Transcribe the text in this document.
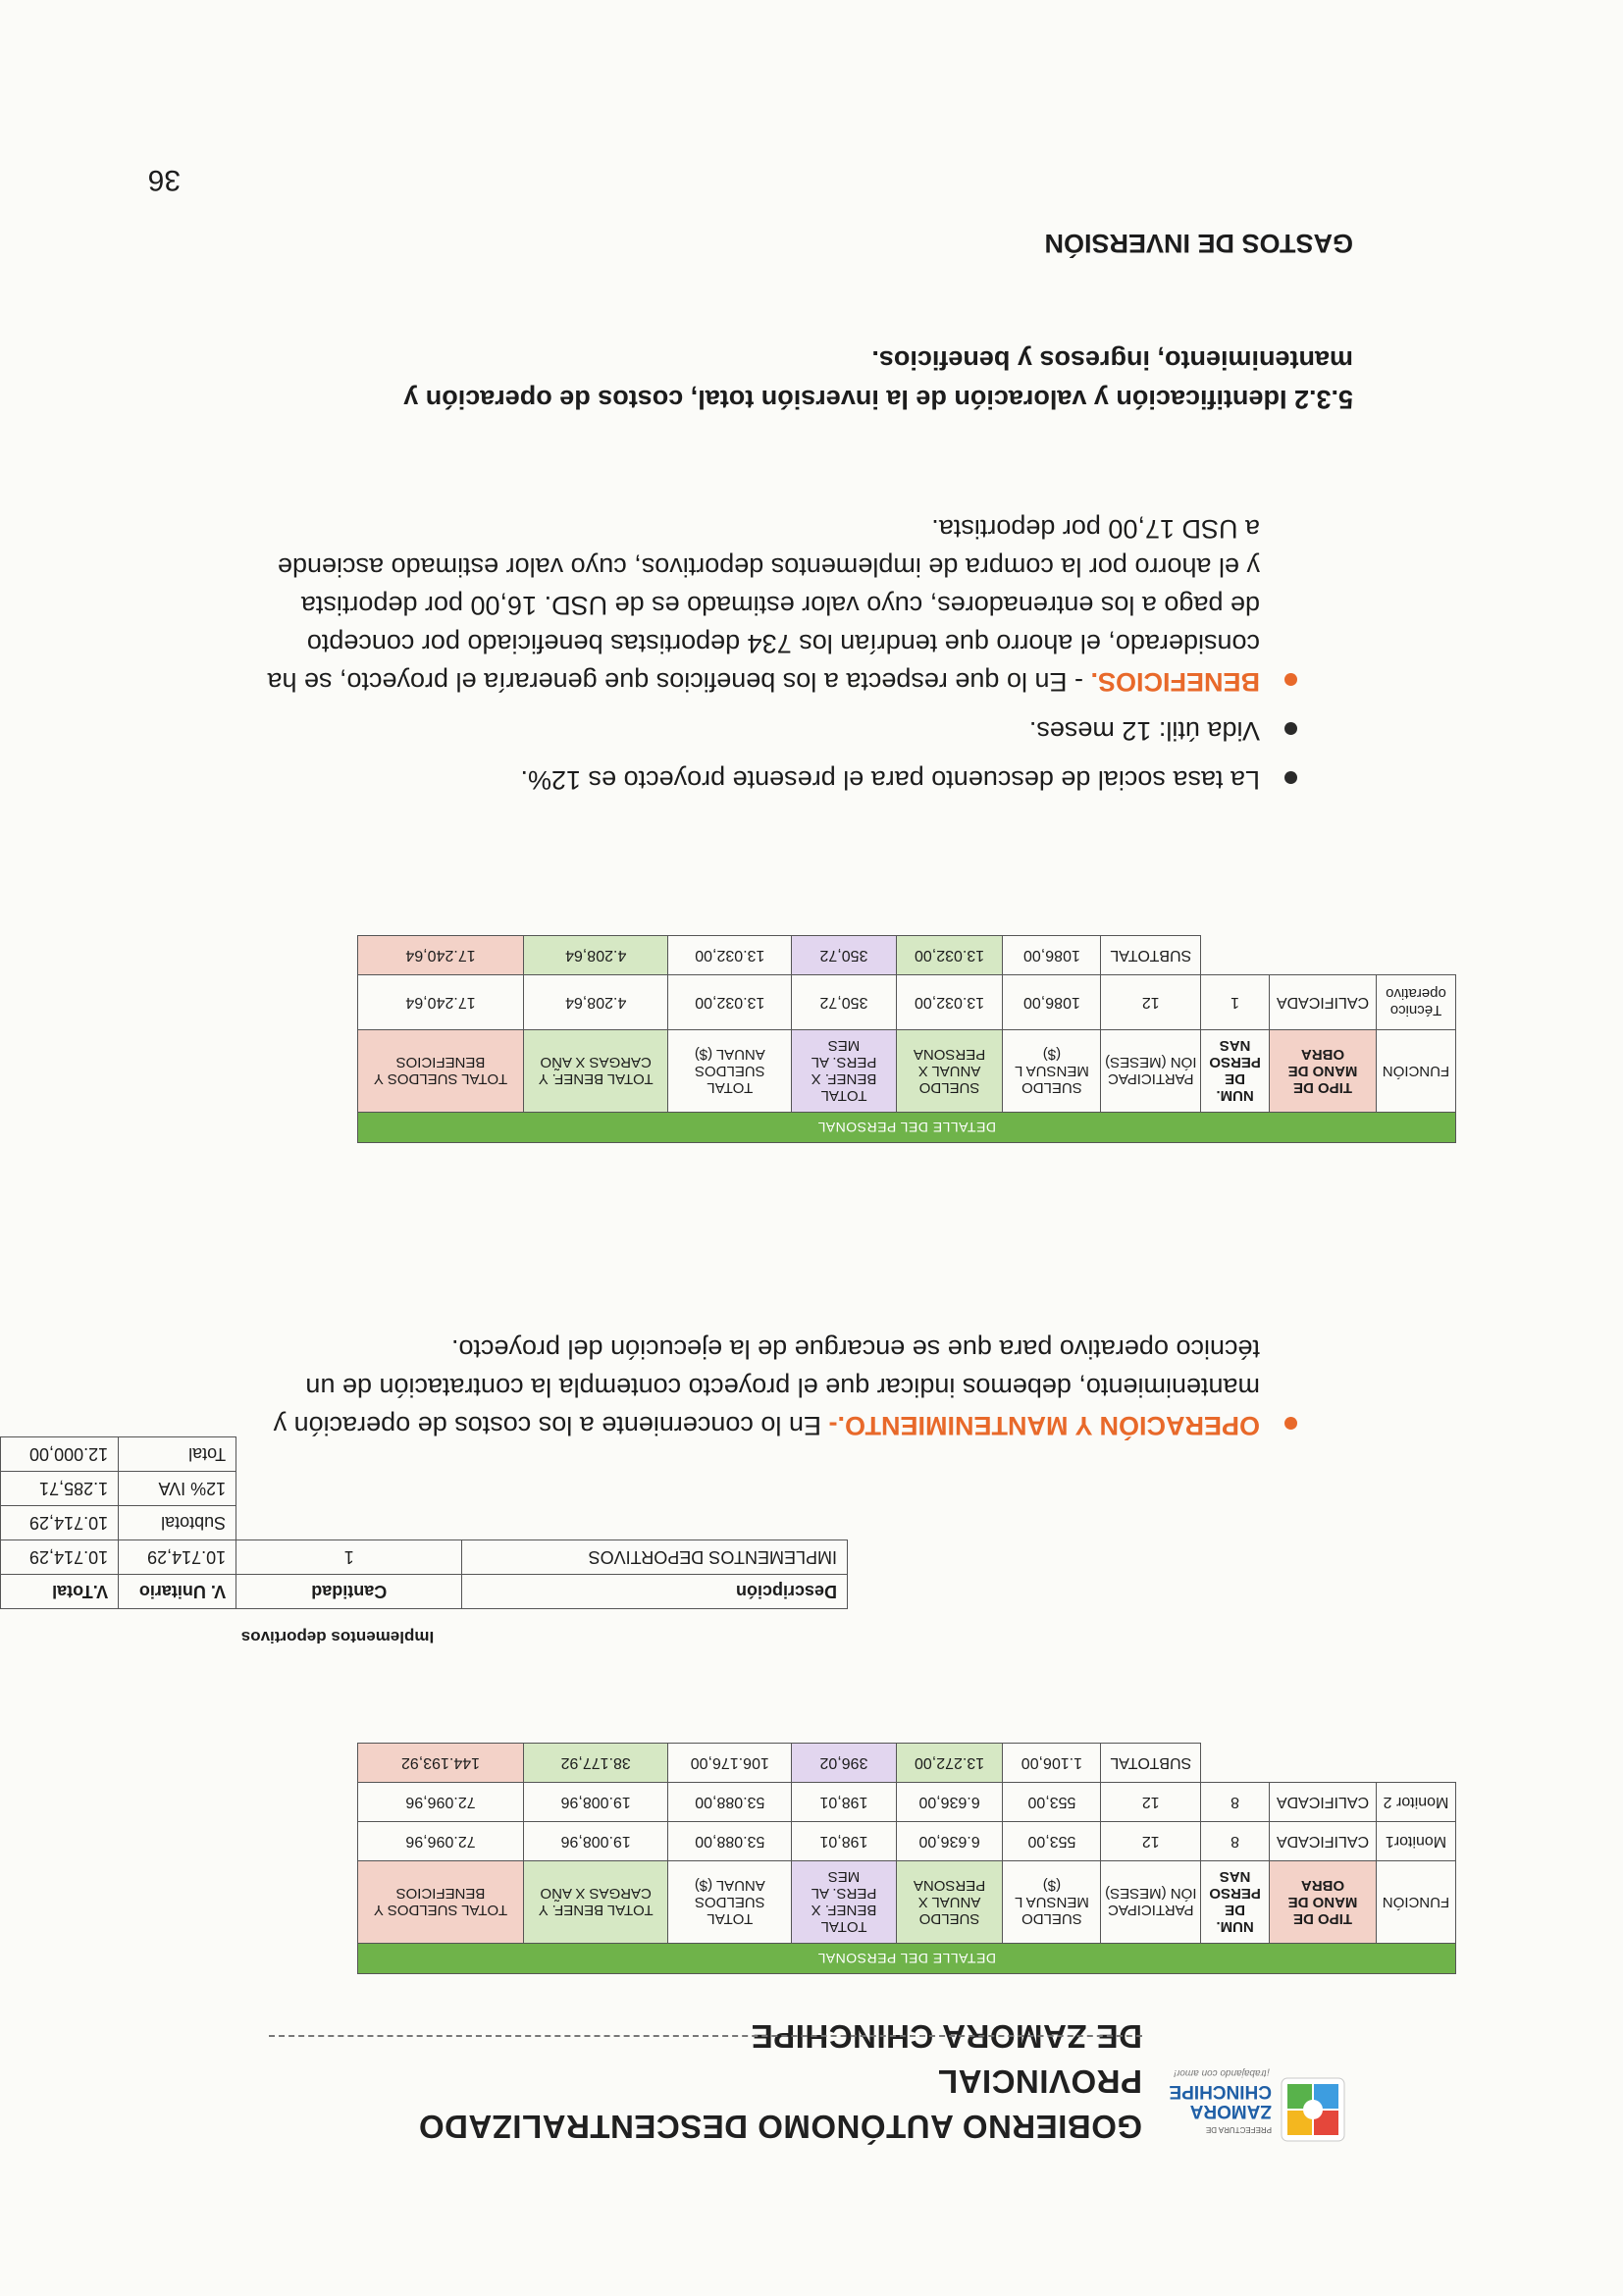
PREFECTURA DE
ZAMORA
CHINCHIPE
¡trabajando con amor!
GOBIERNO AUTÓNOMO DESCENTRALIZADO PROVINCIAL
DE ZAMORA CHINCHIPE
DETALLE DEL PERSONAL									
FUNCIÓN	TIPO DE MANO DE OBRA	NUM. DE PERSO NAS	PARTICIPAC IÓN (MESES)	SUELDO MENSUA L ($)	SUELDO ANUAL X PERSONA	TOTAL BENEF. X PERS. AL MES	TOTAL SUELDOS ANUAL ($)	TOTAL BENEF. Y CARGAS X AÑO	TOTAL SUELDOS Y BENEFICIOS
Monitor1	CALIFICADA	8	12	553,00	6.636,00	198,01	53.088,00	19.008,96	72.096,96
Monitor 2	CALIFICADA	8	12	553,00	6.636,00	198,01	53.088,00	19.008,96	72.096,96
			SUBTOTAL	1.106,00	13.272,00	396,02	106.176,00	38.177,92	144.193,92
Descripción	Cantidad	V. Unitario	V.Total
IMPLEMENTOS DEPORTIVOS	1	10.714,29	10.714,29
		Subtotal	10.714,29
		12% IVA	1.285,71
		Total	12.000,00
Implementos deportivos
OPERACIÓN Y MANTENIMIENTO.- En lo concerniente a los costos de operación y
mantenimiento, debemos indicar que el proyecto contempla la contratación de un
técnico operativo para que se encargue de la ejecución del proyecto.
DETALLE DEL PERSONAL									
FUNCIÓN	TIPO DE MANO DE OBRA	NUM. DE PERSO NAS	PARTICIPAC IÓN (MESES)	SUELDO MENSUA L ($)	SUELDO ANUAL X PERSONA	TOTAL BENEF. X PERS. AL MES	TOTAL SUELDOS ANUAL ($)	TOTAL BENEF. Y CARGAS X AÑO	TOTAL SUELDOS Y BENEFICIOS
Técnico operativo	CALIFICADA	1	12	1086,00	13.032,00	350,72	13.032,00	4.208,64	17.240,64
			SUBTOTAL	1086,00	13.032,00	350,72	13.032,00	4.208,64	17.240,64
La tasa social de descuento para el presente proyecto es 12%.
Vida útil: 12 meses.
BENEFICIOS. - En lo que respecta a los beneficios que generaría el proyecto, se ha
considerado, el ahorro que tendrían los 734 deportistas beneficiado por concepto
de pago a los entrenadores, cuyo valor estimado es de USD. 16,00 por deportista
y el ahorro por la compra de implementos deportivos, cuyo valor estimado asciende
a USD 17,00 por deportista.
5.3.2 Identificación y valoración de la inversión total, costos de operación y
mantenimiento, ingresos y beneficios.
GASTOS DE INVERSIÓN
36
